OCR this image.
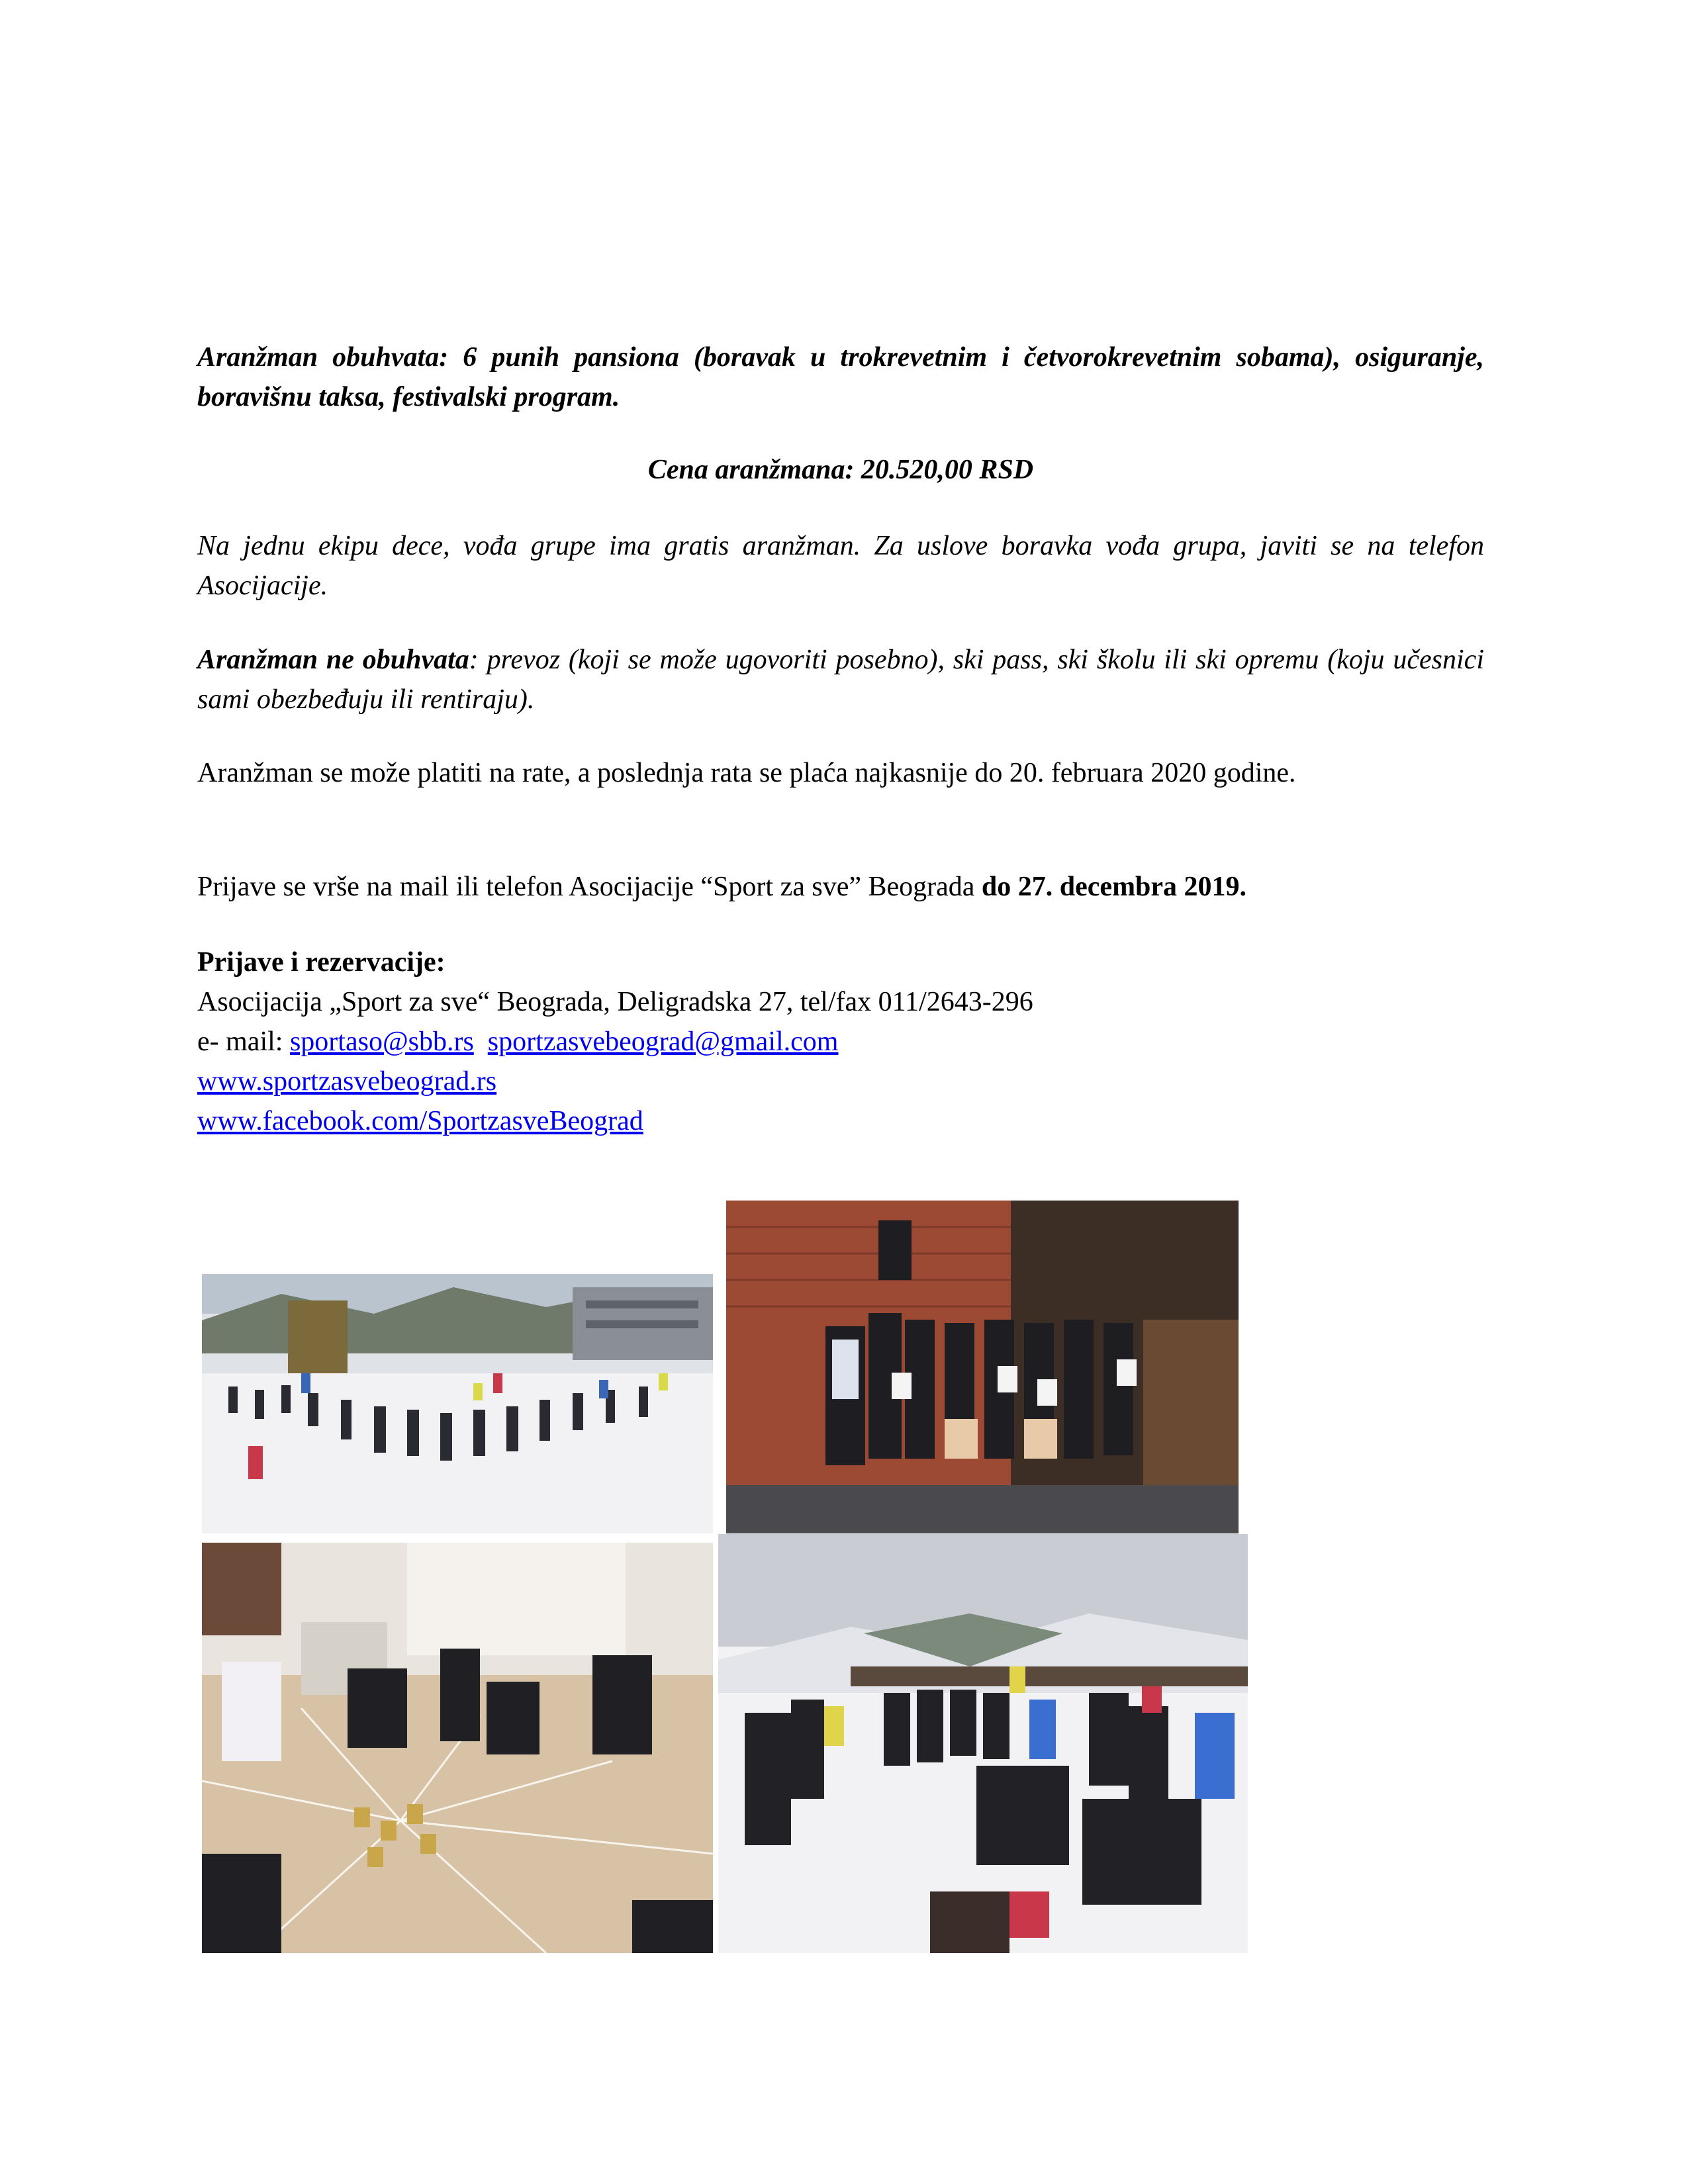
Aranžman obuhvata: 6 punih pansiona (boravak u trokrevetnim i četvorokrevetnim sobama), osiguranje, boravišnu taksa, festivalski program.

Cena aranžmana: 20.520,00 RSD

Na jednu ekipu dece, vođa grupe ima gratis aranžman. Za uslove boravka vođa grupa, javiti se na telefon Asocijacije.

Aranžman ne obuhvata: prevoz (koji se može ugovoriti posebno), ski pass, ski školu ili ski opremu (koju učesnici sami obezbeđuju ili rentiraju).

Aranžman se može platiti na rate, a poslednja rata se plaća najkasnije do 20. februara 2020 godine.

Prijave se vrše na mail ili telefon Asocijacije “Sport za sve” Beograda do 27. decembra 2019.

Prijave i rezervacije:

Asocijacija „Sport za sve“ Beograda, Deligradska 27, tel/fax 011/2643-296

e- mail: sportaso@sbb.rs sportzasvebeograd@gmail.com

www.sportzasvebeograd.rs

www.facebook.com/SportzasveBeograd
